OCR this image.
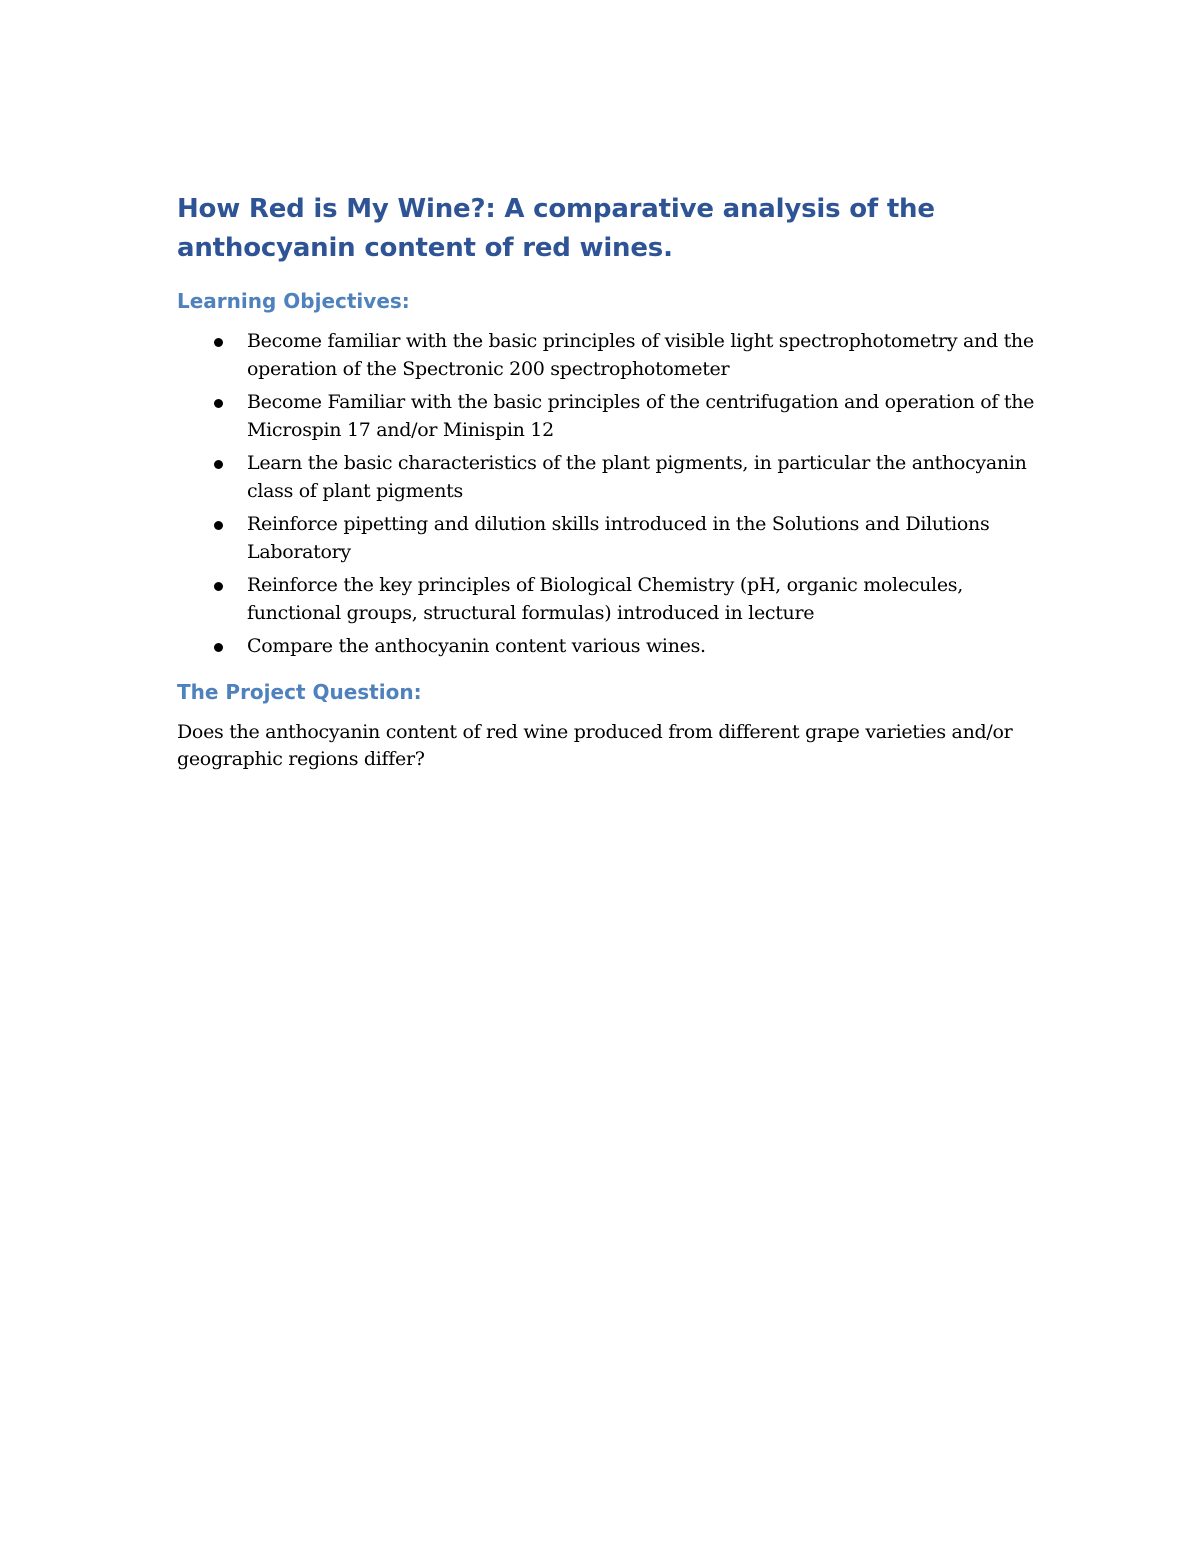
How Red is My Wine?: A comparative analysis of the anthocyanin content of red wines.
Learning Objectives:
Become familiar with the basic principles of visible light spectrophotometry and the operation of the Spectronic 200 spectrophotometer
Become Familiar with the basic principles of the centrifugation and operation of the Microspin 17 and/or Minispin 12
Learn the basic characteristics of the plant pigments, in particular the anthocyanin class of plant pigments
Reinforce pipetting and dilution skills introduced in the Solutions and Dilutions Laboratory
Reinforce the key principles of Biological Chemistry (pH, organic molecules, functional groups, structural formulas) introduced in lecture
Compare the anthocyanin content various wines.
The Project Question:

Does the anthocyanin content of red wine produced from different grape varieties and/or geographic regions differ?
